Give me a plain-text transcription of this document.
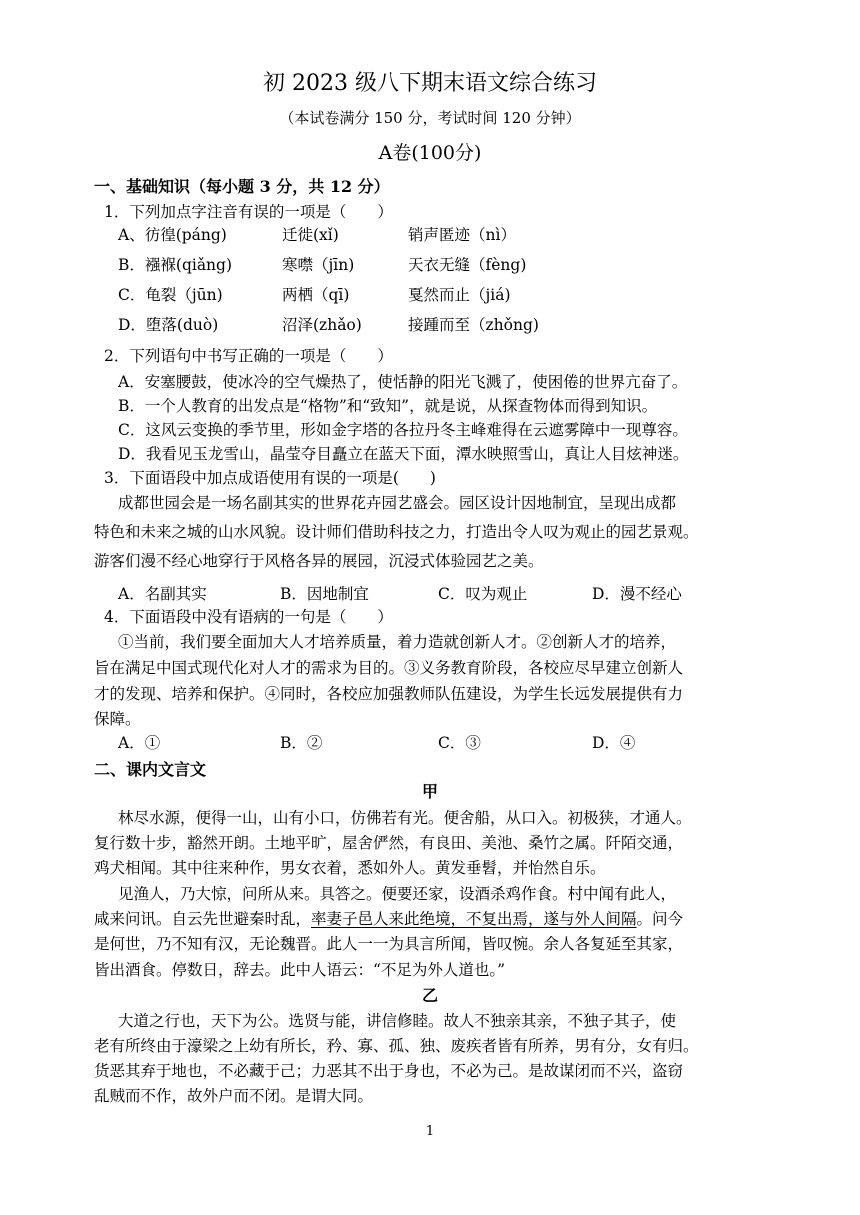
初 2023 级八下期末语文综合练习
（本试卷满分 150 分，考试时间 120 分钟）
A卷(100分)
一、基础知识（每小题 3 分，共 12 分）
1．下列加点字注音有误的一项是（　　）
A、彷徨(páng)	迁徙(xǐ)	销声匿迹（nì）
B．襁褓(qiǎng)	寒噤（jīn)	天衣无缝（fèng)
C．龟裂（jūn)	两栖（qī)	戛然而止（jiá)
D．堕落(duò)	沼泽(zhǎo)	接踵而至（zhǒng)
2．下列语句中书写正确的一项是（　　）
A．安塞腰鼓，使冰冷的空气燥热了，使恬静的阳光飞溅了，使困倦的世界亢奋了。
B．一个人教育的出发点是“格物”和“致知”，就是说，从探查物体而得到知识。
C．这风云变换的季节里，形如金字塔的各拉丹冬主峰难得在云遮雾障中一现尊容。
D．我看见玉龙雪山，晶莹夺目矗立在蓝天下面，潭水映照雪山，真让人目炫神迷。
3．下面语段中加点成语使用有误的一项是(　　)
成都世园会是一场名副其实的世界花卉园艺盛会。园区设计因地制宜，呈现出成都
特色和未来之城的山水风貌。设计师们借助科技之力，打造出令人叹为观止的园艺景观。
游客们漫不经心地穿行于风格各异的展园，沉浸式体验园艺之美。
A．名副其实	B．因地制宜	C．叹为观止	D．漫不经心
4．下面语段中没有语病的一句是（　　）
①当前，我们要全面加大人才培养质量，着力造就创新人才。②创新人才的培养，
旨在满足中国式现代化对人才的需求为目的。③义务教育阶段，各校应尽早建立创新人
才的发现、培养和保护。④同时，各校应加强教师队伍建设，为学生长远发展提供有力
保障。
A．①	B．②	C．③	D．④
二、课内文言文
甲
林尽水源，便得一山，山有小口，仿佛若有光。便舍船，从口入。初极狭，才通人。
复行数十步，豁然开朗。土地平旷，屋舍俨然，有良田、美池、桑竹之属。阡陌交通，
鸡犬相闻。其中往来种作，男女衣着，悉如外人。黄发垂髫，并怡然自乐。
见渔人，乃大惊，问所从来。具答之。便要还家，设酒杀鸡作食。村中闻有此人，
咸来问讯。自云先世避秦时乱，率妻子邑人来此绝境，不复出焉，遂与外人间隔。问今
是何世，乃不知有汉，无论魏晋。此人一一为具言所闻，皆叹惋。余人各复延至其家，
皆出酒食。停数日，辞去。此中人语云：“不足为外人道也。”
乙
大道之行也，天下为公。选贤与能，讲信修睦。故人不独亲其亲，不独子其子，使
老有所终由于濠梁之上幼有所长，矜、寡、孤、独、废疾者皆有所养，男有分，女有归。
货恶其弃于地也，不必藏于己；力恶其不出于身也，不必为己。是故谋闭而不兴，盗窃
乱贼而不作，故外户而不闭。是谓大同。
1
